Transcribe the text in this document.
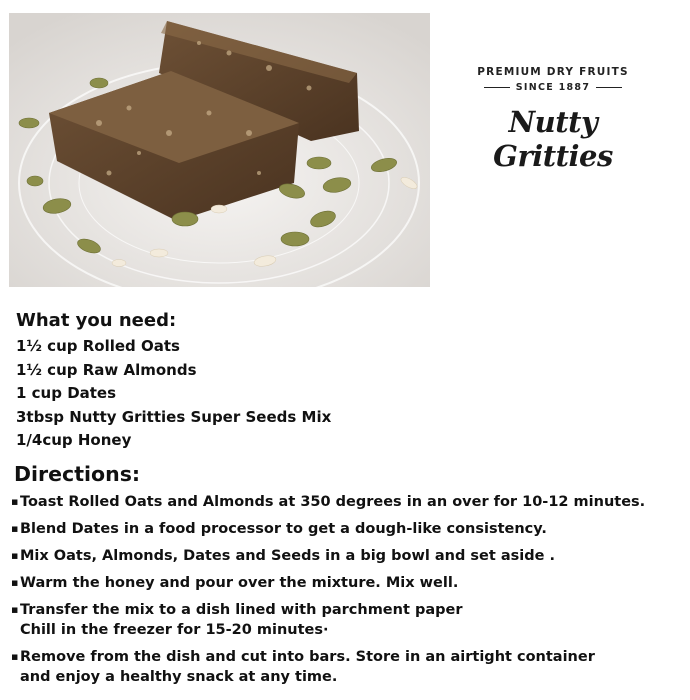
PREMIUM DRY FRUITS
SINCE 1887
Nutty Gritties
What you need:
1½ cup Rolled Oats
1½ cup Raw Almonds
1 cup Dates
3tbsp Nutty Gritties Super Seeds Mix
1/4cup Honey
Directions:
▪ Toast Rolled Oats and Almonds at 350 degrees in an over for 10-12 minutes.
▪ Blend Dates in a food processor to get a dough-like consistency.
▪ Mix Oats, Almonds, Dates and Seeds in a big bowl and set aside .
▪ Warm the honey and pour over the mixture. Mix well.
▪ Transfer the mix to a dish lined with parchment paper
Chill in the freezer for 15-20 minutes·
▪ Remove from the dish and cut into bars. Store in an airtight container
and enjoy a healthy snack at any time.
